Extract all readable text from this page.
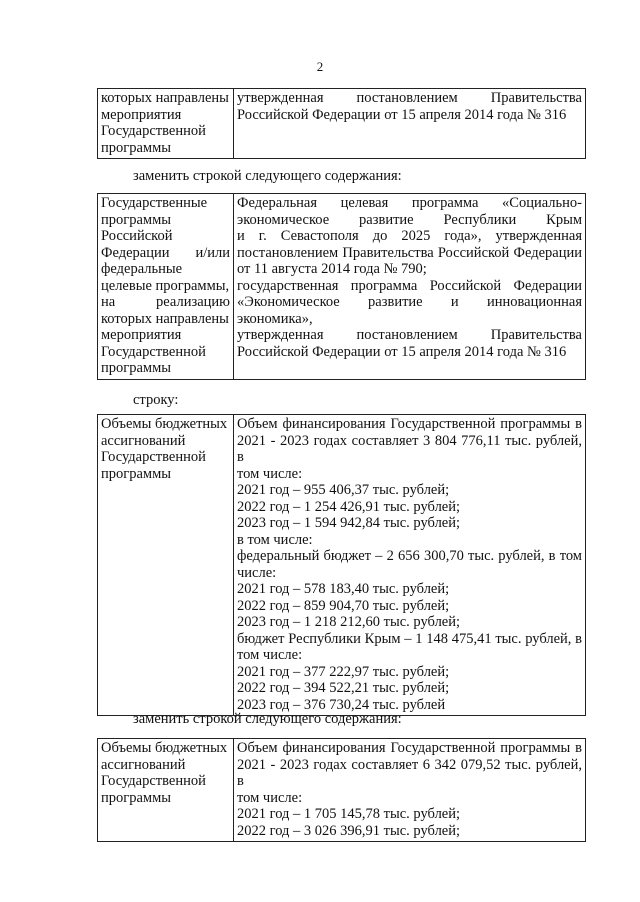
2
которых направлены
мероприятия
Государственной
программы

утвержденная постановлением Правительства
Российской Федерации от 15 апреля 2014 года № 316
заменить строкой следующего содержания:
Государственные
программы
Российской
Федерации и/или
федеральные
целевые программы,
на реализацию
которых направлены
мероприятия
Государственной
программы

Федеральная целевая программа «Социально-
экономическое развитие Республики Крым
и г. Севастополя до 2025 года», утвержденная
постановлением Правительства Российской Федерации
от 11 августа 2014 года № 790;
государственная программа Российской Федерации
«Экономическое развитие и инновационная экономика»,
утвержденная постановлением Правительства
Российской Федерации от 15 апреля 2014 года № 316
строку:
Объемы бюджетных
ассигнований
Государственной
программы

Объем финансирования Государственной программы в
2021 - 2023 годах составляет 3 804 776,11 тыс. рублей, в
том числе:
2021 год – 955 406,37 тыс. рублей;
2022 год – 1 254 426,91 тыс. рублей;
2023 год – 1 594 942,84 тыс. рублей;
в том числе:
федеральный бюджет – 2 656 300,70 тыс. рублей, в том
числе:
2021 год – 578 183,40 тыс. рублей;
2022 год – 859 904,70 тыс. рублей;
2023 год – 1 218 212,60 тыс. рублей;
бюджет Республики Крым – 1 148 475,41 тыс. рублей, в
том числе:
2021 год – 377 222,97 тыс. рублей;
2022 год – 394 522,21 тыс. рублей;
2023 год – 376 730,24 тыс. рублей
заменить строкой следующего содержания:
Объемы бюджетных
ассигнований
Государственной
программы

Объем финансирования Государственной программы в
2021 - 2023 годах составляет 6 342 079,52 тыс. рублей, в
том числе:
2021 год – 1 705 145,78 тыс. рублей;
2022 год – 3 026 396,91 тыс. рублей;
